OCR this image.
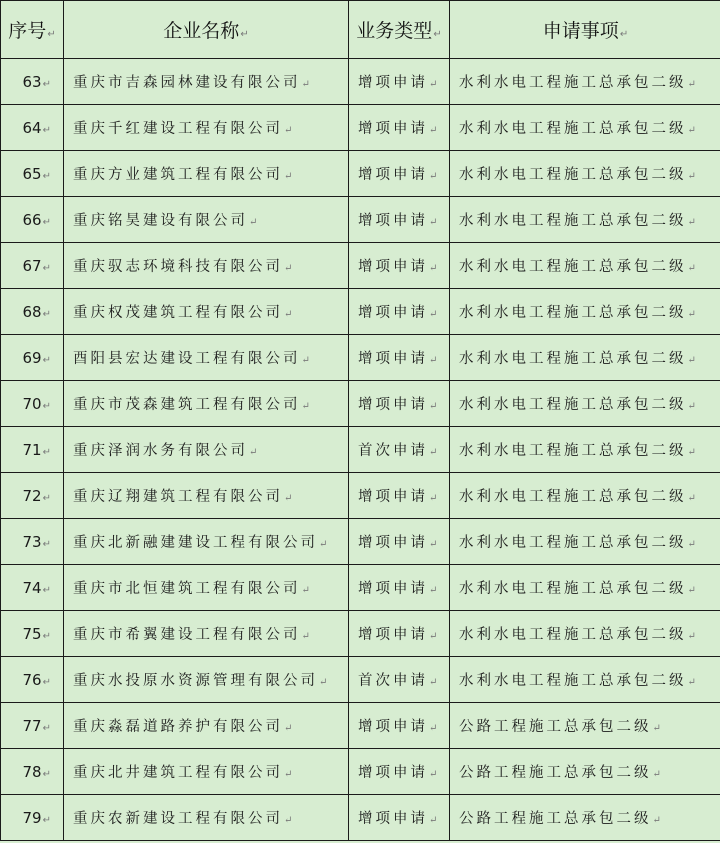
序号↵	企业名称↵	业务类型↵	申请事项↵
63↵	重庆市吉森园林建设有限公司↵	增项申请↵	水利水电工程施工总承包二级↵
64↵	重庆千红建设工程有限公司↵	增项申请↵	水利水电工程施工总承包二级↵
65↵	重庆方业建筑工程有限公司↵	增项申请↵	水利水电工程施工总承包二级↵
66↵	重庆铭昊建设有限公司↵	增项申请↵	水利水电工程施工总承包二级↵
67↵	重庆驭志环境科技有限公司↵	增项申请↵	水利水电工程施工总承包二级↵
68↵	重庆权茂建筑工程有限公司↵	增项申请↵	水利水电工程施工总承包二级↵
69↵	酉阳县宏达建设工程有限公司↵	增项申请↵	水利水电工程施工总承包二级↵
70↵	重庆市茂森建筑工程有限公司↵	增项申请↵	水利水电工程施工总承包二级↵
71↵	重庆泽润水务有限公司↵	首次申请↵	水利水电工程施工总承包二级↵
72↵	重庆辽翔建筑工程有限公司↵	增项申请↵	水利水电工程施工总承包二级↵
73↵	重庆北新融建建设工程有限公司↵	增项申请↵	水利水电工程施工总承包二级↵
74↵	重庆市北恒建筑工程有限公司↵	增项申请↵	水利水电工程施工总承包二级↵
75↵	重庆市希翼建设工程有限公司↵	增项申请↵	水利水电工程施工总承包二级↵
76↵	重庆水投原水资源管理有限公司↵	首次申请↵	水利水电工程施工总承包二级↵
77↵	重庆淼磊道路养护有限公司↵	增项申请↵	公路工程施工总承包二级↵
78↵	重庆北井建筑工程有限公司↵	增项申请↵	公路工程施工总承包二级↵
79↵	重庆农新建设工程有限公司↵	增项申请↵	公路工程施工总承包二级↵
